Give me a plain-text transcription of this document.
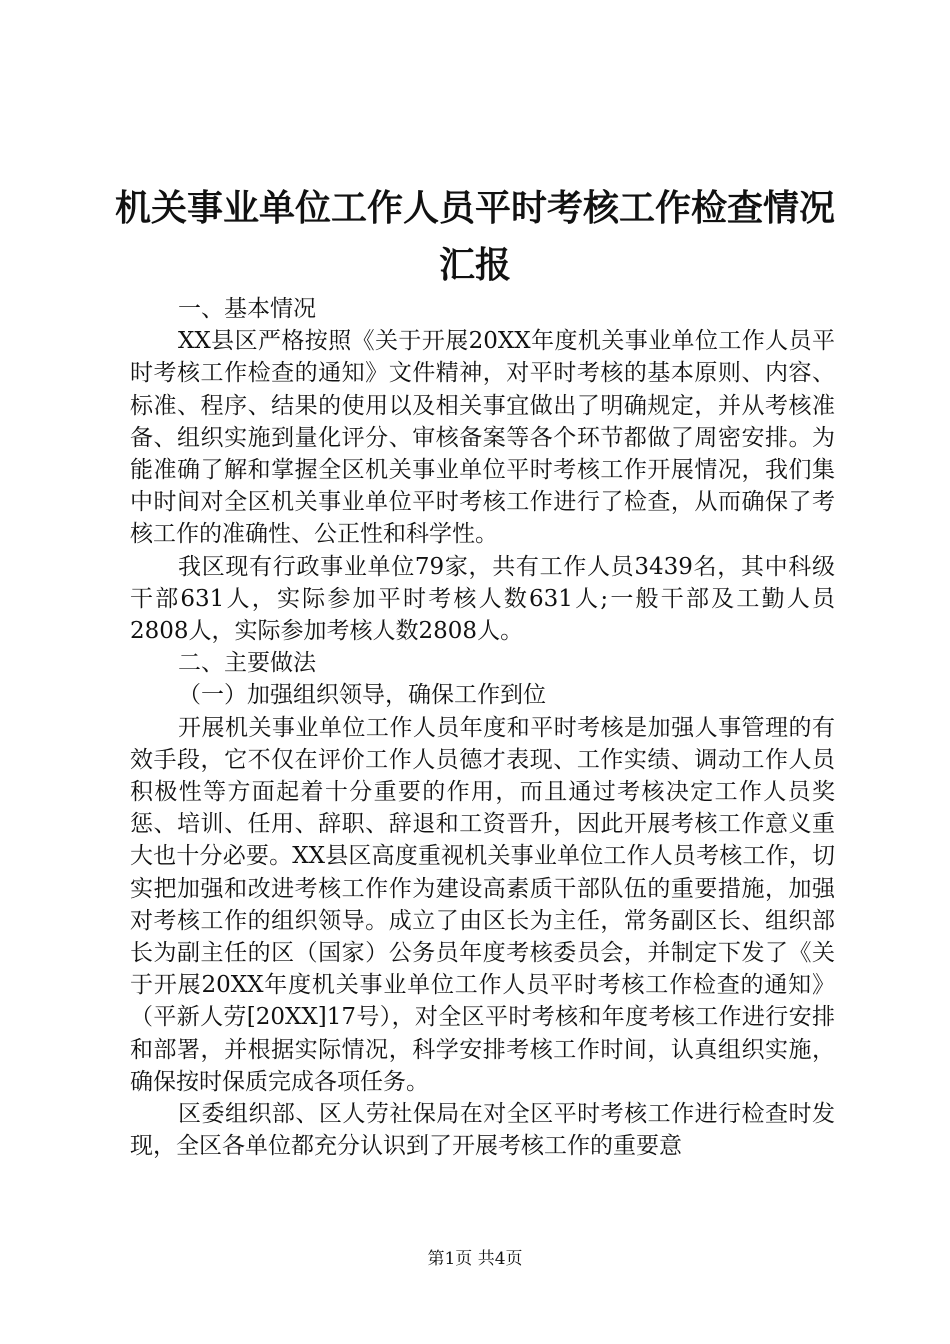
机关事业单位工作人员平时考核工作检查情况
汇报

一、基本情况

XX县区严格按照《关于开展20XX年度机关事业单位工作人员平时考核工作检查的通知》文件精神，对平时考核的基本原则、内容、标准、程序、结果的使用以及相关事宜做出了明确规定，并从考核准备、组织实施到量化评分、审核备案等各个环节都做了周密安排。为能准确了解和掌握全区机关事业单位平时考核工作开展情况，我们集中时间对全区机关事业单位平时考核工作进行了检查，从而确保了考核工作的准确性、公正性和科学性。

我区现有行政事业单位79家，共有工作人员3439名，其中科级干部631人，实际参加平时考核人数631人;一般干部及工勤人员2808人，实际参加考核人数2808人。

二、主要做法

（一）加强组织领导，确保工作到位

开展机关事业单位工作人员年度和平时考核是加强人事管理的有效手段，它不仅在评价工作人员德才表现、工作实绩、调动工作人员积极性等方面起着十分重要的作用，而且通过考核决定工作人员奖惩、培训、任用、辞职、辞退和工资晋升，因此开展考核工作意义重大也十分必要。XX县区高度重视机关事业单位工作人员考核工作，切实把加强和改进考核工作作为建设高素质干部队伍的重要措施，加强对考核工作的组织领导。成立了由区长为主任，常务副区长、组织部长为副主任的区（国家）公务员年度考核委员会，并制定下发了《关于开展20XX年度机关事业单位工作人员平时考核工作检查的通知》（平新人劳[20XX]17号），对全区平时考核和年度考核工作进行安排和部署，并根据实际情况，科学安排考核工作时间，认真组织实施，确保按时保质完成各项任务。

区委组织部、区人劳社保局在对全区平时考核工作进行检查时发现，全区各单位都充分认识到了开展考核工作的重要意

第1页 共4页
